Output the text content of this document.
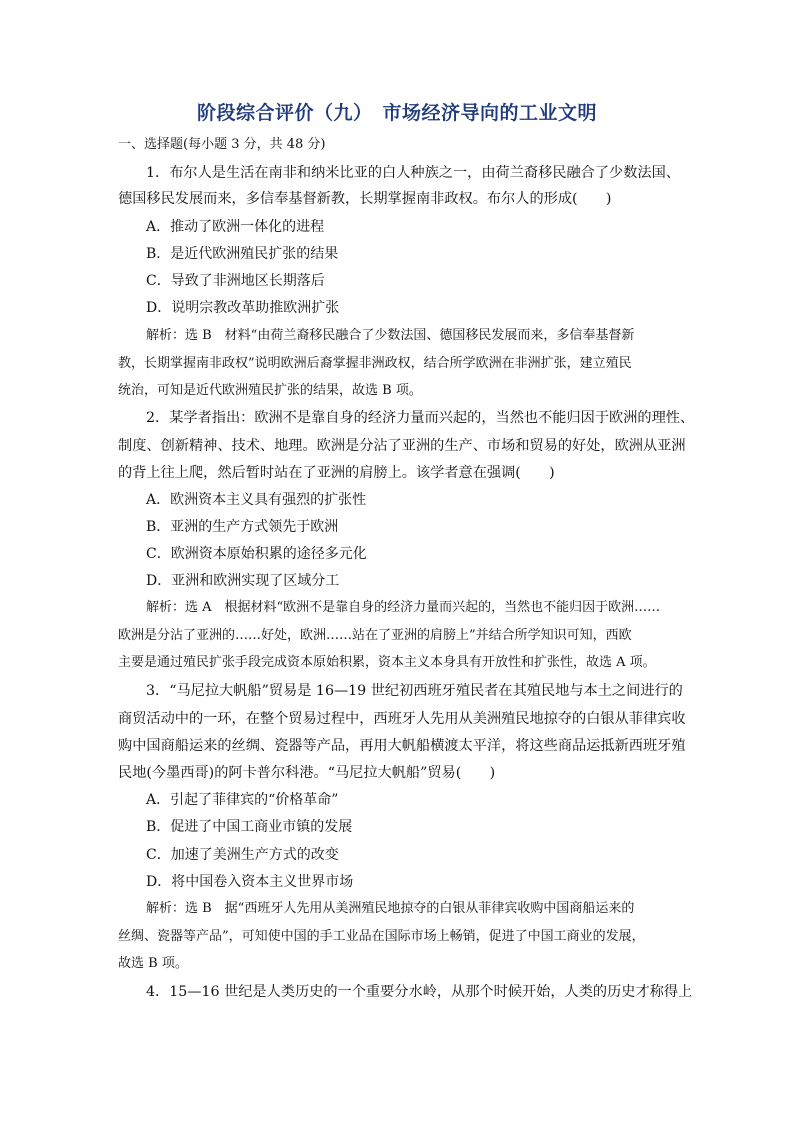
阶段综合评价（九）　市场经济导向的工业文明

一、选择题(每小题 3 分，共 48 分)

1．布尔人是生活在南非和纳米比亚的白人种族之一，由荷兰裔移民融合了少数法国、

德国移民发展而来，多信奉基督新教，长期掌握南非政权。布尔人的形成(　　)

A．推动了欧洲一体化的进程

B．是近代欧洲殖民扩张的结果

C．导致了非洲地区长期落后

D．说明宗教改革助推欧洲扩张

解析：选 B　材料“由荷兰裔移民融合了少数法国、德国移民发展而来，多信奉基督新

教，长期掌握南非政权”说明欧洲后裔掌握非洲政权，结合所学欧洲在非洲扩张，建立殖民

统治，可知是近代欧洲殖民扩张的结果，故选 B 项。

2．某学者指出：欧洲不是靠自身的经济力量而兴起的，当然也不能归因于欧洲的理性、

制度、创新精神、技术、地理。欧洲是分沾了亚洲的生产、市场和贸易的好处，欧洲从亚洲

的背上往上爬，然后暂时站在了亚洲的肩膀上。该学者意在强调(　　)

A．欧洲资本主义具有强烈的扩张性

B．亚洲的生产方式领先于欧洲

C．欧洲资本原始积累的途径多元化

D．亚洲和欧洲实现了区域分工

解析：选 A　根据材料“欧洲不是靠自身的经济力量而兴起的，当然也不能归因于欧洲……

欧洲是分沾了亚洲的……好处，欧洲……站在了亚洲的肩膀上”并结合所学知识可知，西欧

主要是通过殖民扩张手段完成资本原始积累，资本主义本身具有开放性和扩张性，故选 A 项。

3．“马尼拉大帆船”贸易是 16—19 世纪初西班牙殖民者在其殖民地与本土之间进行的

商贸活动中的一环，在整个贸易过程中，西班牙人先用从美洲殖民地掠夺的白银从菲律宾收

购中国商船运来的丝绸、瓷器等产品，再用大帆船横渡太平洋，将这些商品运抵新西班牙殖

民地(今墨西哥)的阿卡普尔科港。“马尼拉大帆船”贸易(　　)

A．引起了菲律宾的“价格革命”

B．促进了中国工商业市镇的发展

C．加速了美洲生产方式的改变

D．将中国卷入资本主义世界市场

解析：选 B　据“西班牙人先用从美洲殖民地掠夺的白银从菲律宾收购中国商船运来的

丝绸、瓷器等产品”，可知使中国的手工业品在国际市场上畅销，促进了中国工商业的发展，

故选 B 项。

4．15—16 世纪是人类历史的一个重要分水岭，从那个时候开始，人类的历史才称得上
